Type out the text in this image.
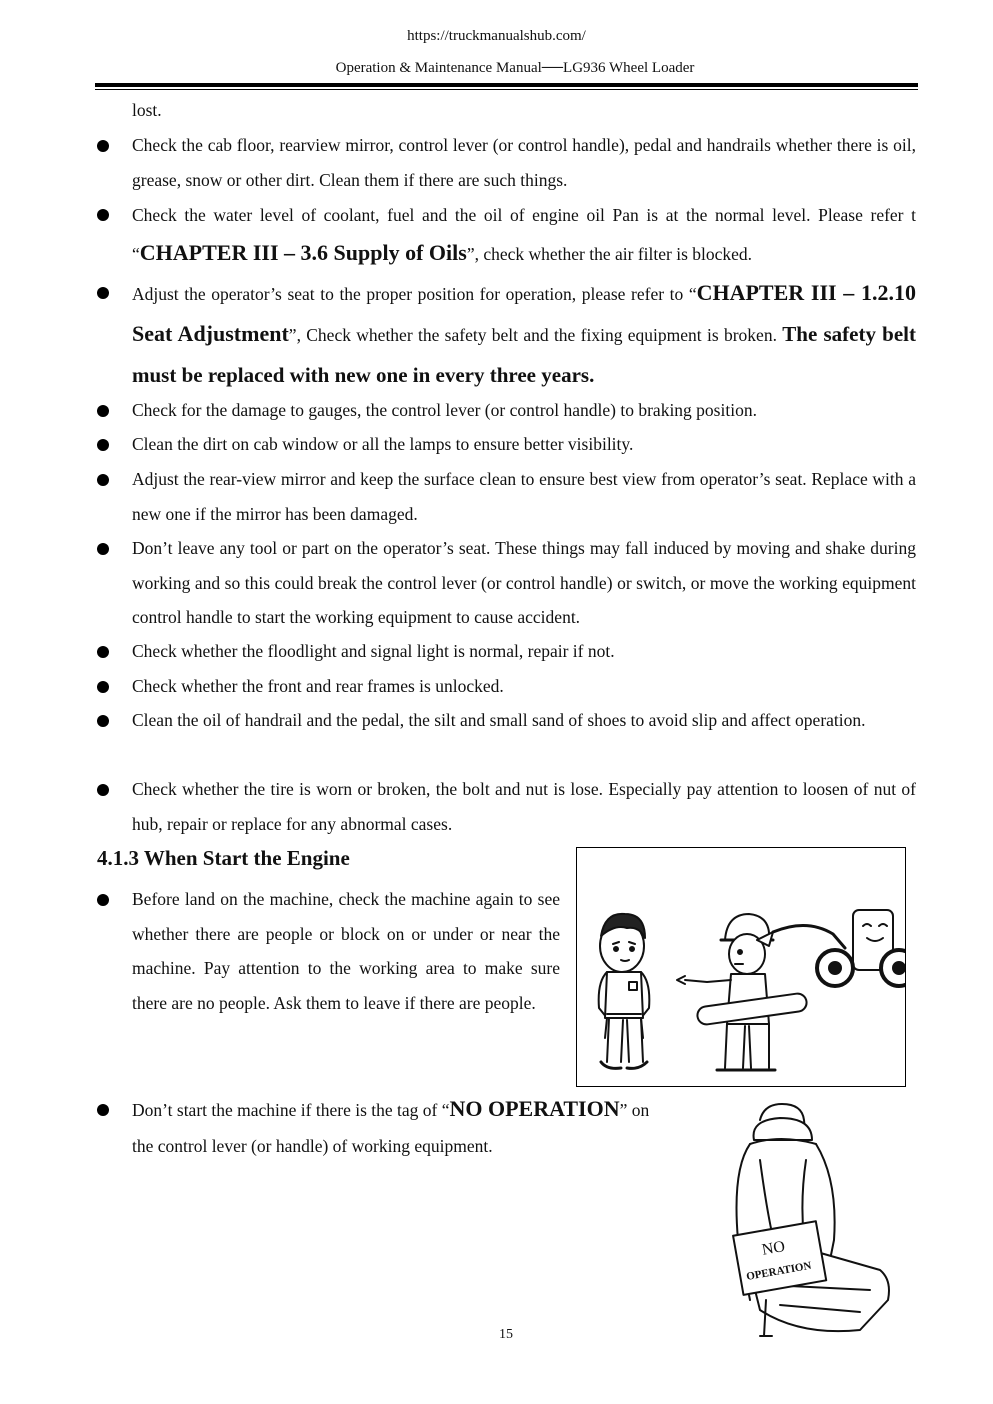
https://truckmanualshub.com/
Operation & Maintenance Manual──LG936 Wheel Loader
lost.
Check the cab floor, rearview mirror, control lever (or control handle), pedal and handrails whether there is oil, grease, snow or other dirt. Clean them if there are such things.
Check the water level of coolant, fuel and the oil of engine oil Pan is at the normal level. Please refer t “CHAPTER III – 3.6 Supply of Oils”, check whether the air filter is blocked.
Adjust the operator’s seat to the proper position for operation, please refer to “CHAPTER III – 1.2.10 Seat Adjustment”, Check whether the safety belt and the fixing equipment is broken. The safety belt must be replaced with new one in every three years.
Check for the damage to gauges, the control lever (or control handle) to braking position.
Clean the dirt on cab window or all the lamps to ensure better visibility.
Adjust the rear-view mirror and keep the surface clean to ensure best view from operator’s seat. Replace with a new one if the mirror has been damaged.
Don’t leave any tool or part on the operator’s seat. These things may fall induced by moving and shake during working and so this could break the control lever (or control handle) or switch, or move the working equipment control handle to start the working equipment to cause accident.
Check whether the floodlight and signal light is normal, repair if not.
Check whether the front and rear frames is unlocked.
Clean the oil of handrail and the pedal, the silt and small sand of shoes to avoid slip and affect operation.
Check whether the tire is worn or broken, the bolt and nut is lose. Especially pay attention to loosen of nut of hub, repair or replace for any abnormal cases.
4.1.3 When Start the Engine
Before land on the machine, check the machine again to see whether there are people or block on or under or near the machine. Pay attention to the working area to make sure there are no people. Ask them to leave if there are people.
Don’t start the machine if there is the tag of “NO OPERATION” on
the control lever (or handle) of working equipment.
NO
OPERATION
15
